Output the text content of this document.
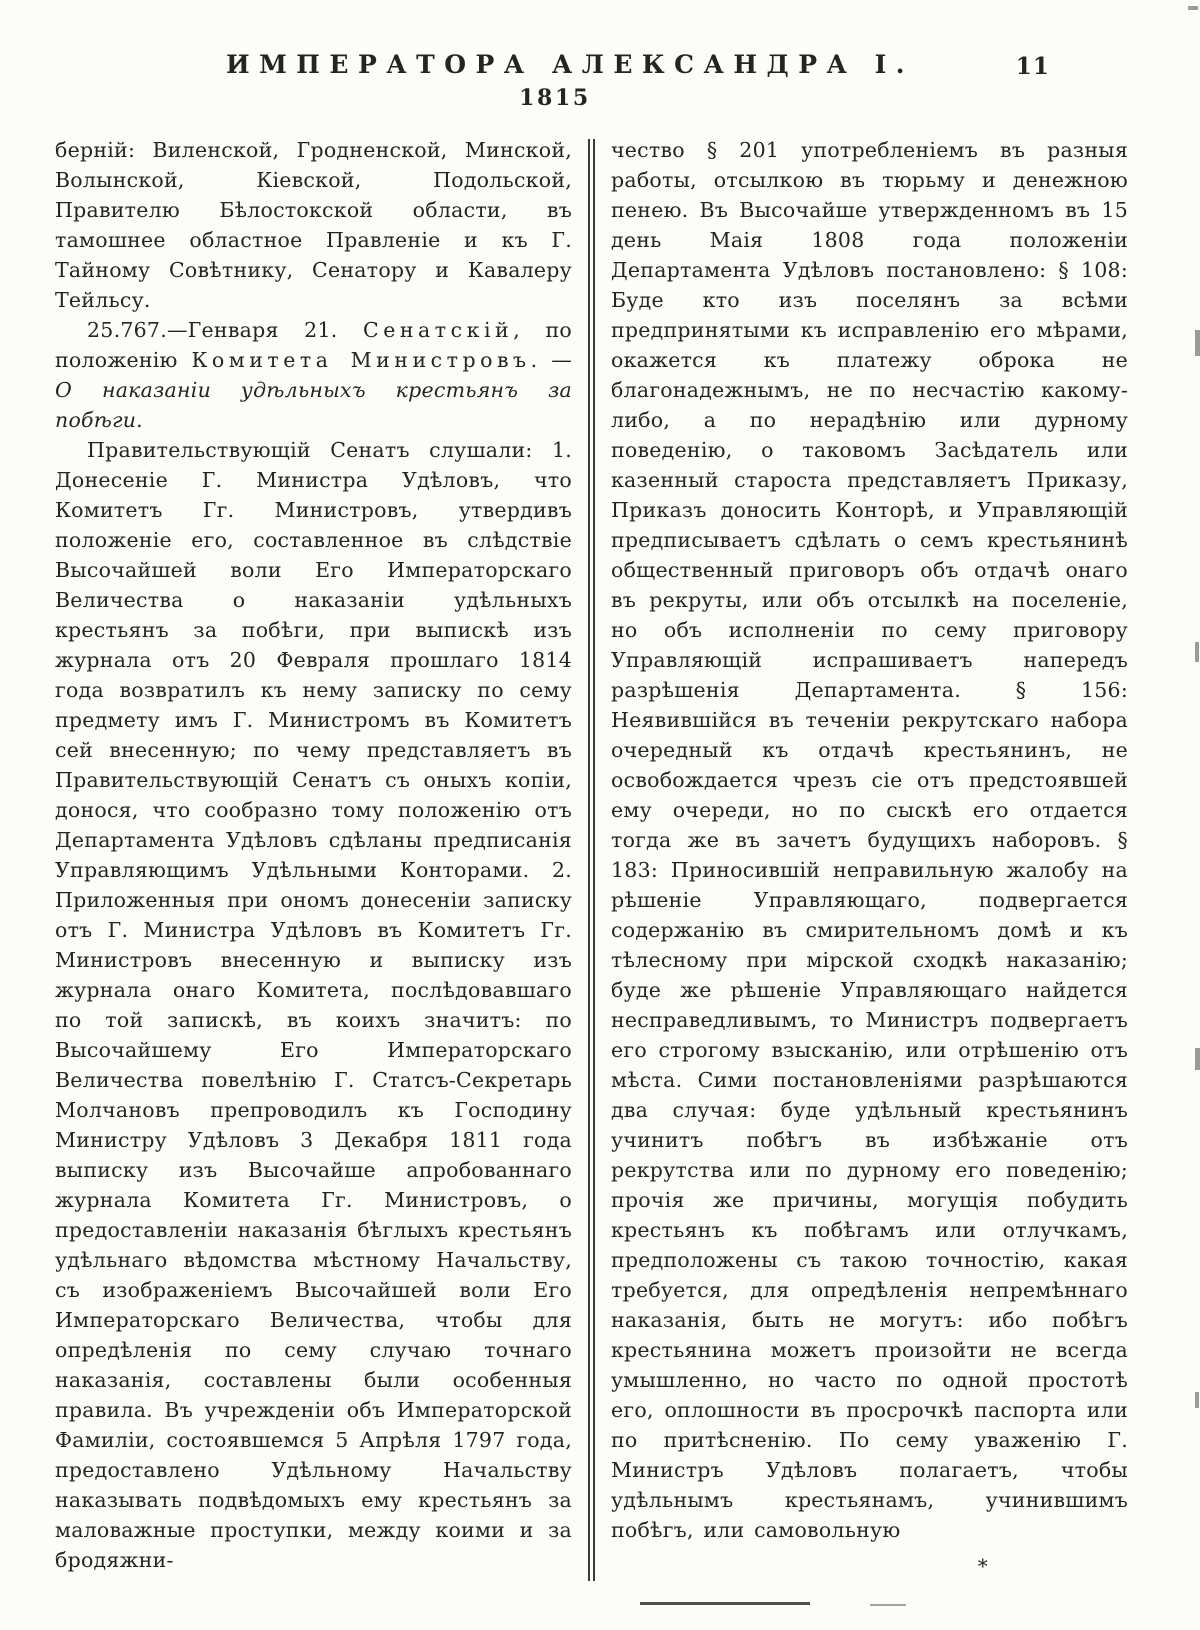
ИМПЕРАТОРА АЛЕКСАНДРА I.	11
1815

берній: Виленской, Гродненской, Минской, Волынской, Кіевской, Подольской, Правителю Бѣлостокской области, въ тамошнее областное Правленіе и къ Г. Тайному Совѣтнику, Сенатору и Кавалеру Тейльсу.

25.767.—Генваря 21. Сенатскій, по положенію Комитета Министровъ. — О наказаніи удѣльныхъ крестьянъ за побѣги.

Правительствующій Сенатъ слушали: 1. Донесеніе Г. Министра Удѣловъ, что Комитетъ Гг. Министровъ, утвердивъ положеніе его, составленное въ слѣдствіе Высочайшей воли Его Императорскаго Величества о наказаніи удѣльныхъ крестьянъ за побѣги, при выпискѣ изъ журнала отъ 20 Февраля прошлаго 1814 года возвратилъ къ нему записку по сему предмету имъ Г. Министромъ въ Комитетъ сей внесенную; по чему представляетъ въ Правительствующій Сенатъ съ оныхъ копіи, донося, что сообразно тому положенію отъ Департамента Удѣловъ сдѣланы предписанія Управляющимъ Удѣльными Конторами. 2. Приложенныя при ономъ донесеніи записку отъ Г. Министра Удѣловъ въ Комитетъ Гг. Министровъ внесенную и выписку изъ журнала онаго Комитета, послѣдовавшаго по той запискѣ, въ коихъ значитъ: по Высочайшему Его Императорскаго Величества повелѣнію Г. Статсъ-Секретарь Молчановъ препроводилъ къ Господину Министру Удѣловъ 3 Декабря 1811 года выписку изъ Высочайше апробованнаго журнала Комитета Гг. Министровъ, о предоставленіи наказанія бѣглыхъ крестьянъ удѣльнаго вѣдомства мѣстному Начальству, съ изображеніемъ Высочайшей воли Его Императорскаго Величества, чтобы для опредѣленія по сему случаю точнаго наказанія, составлены были особенныя правила. Въ учрежденіи объ Императорской Фамиліи, состоявшемся 5 Апрѣля 1797 года, предоставлено Удѣльному Начальству наказывать подвѣдомыхъ ему крестьянъ за маловажные проступки, между коими и за бродяжни-

чество § 201 употребленіемъ въ разныя работы, отсылкою въ тюрьму и денежною пенею. Въ Высочайше утвержденномъ въ 15 день Маія 1808 года положеніи Департамента Удѣловъ постановлено: § 108: Буде кто изъ поселянъ за всѣми предпринятыми къ исправленію его мѣрами, окажется къ платежу оброка не благонадежнымъ, не по несчастію какому-либо, а по нерадѣнію или дурному поведенію, о таковомъ Засѣдатель или казенный староста представляетъ Приказу, Приказъ доносить Конторѣ, и Управляющій предписываетъ сдѣлать о семъ крестьянинѣ общественный приговоръ объ отдачѣ онаго въ рекруты, или объ отсылкѣ на поселеніе, но объ исполненіи по сему приговору Управляющій испрашиваетъ напередъ разрѣшенія Департамента. § 156: Неявившійся въ теченіи рекрутскаго набора очередный къ отдачѣ крестьянинъ, не освобождается чрезъ сіе отъ предстоявшей ему очереди, но по сыскѣ его отдается тогда же въ зачетъ будущихъ наборовъ. § 183: Приносившій неправильную жалобу на рѣшеніе Управляющаго, подвергается содержанію въ смирительномъ домѣ и къ тѣлесному при мірской сходкѣ наказанію; буде же рѣшеніе Управляющаго найдется несправедливымъ, то Министръ подвергаетъ его строгому взысканію, или отрѣшенію отъ мѣста. Сими постановленіями разрѣшаются два случая: буде удѣльный крестьянинъ учинитъ побѣгъ въ избѣжаніе отъ рекрутства или по дурному его поведенію; прочія же причины, могущія побудить крестьянъ къ побѣгамъ или отлучкамъ, предположены съ такою точностію, какая требуется, для опредѣленія непремѣннаго наказанія, быть не могутъ: ибо побѣгъ крестьянина можетъ произойти не всегда умышленно, но часто по одной простотѣ его, оплошности въ просрочкѣ паспорта или по притѣсненію. По сему уваженію Г. Министръ Удѣловъ полагаетъ, чтобы удѣльнымъ крестьянамъ, учинившимъ побѣгъ, или самовольную

*
